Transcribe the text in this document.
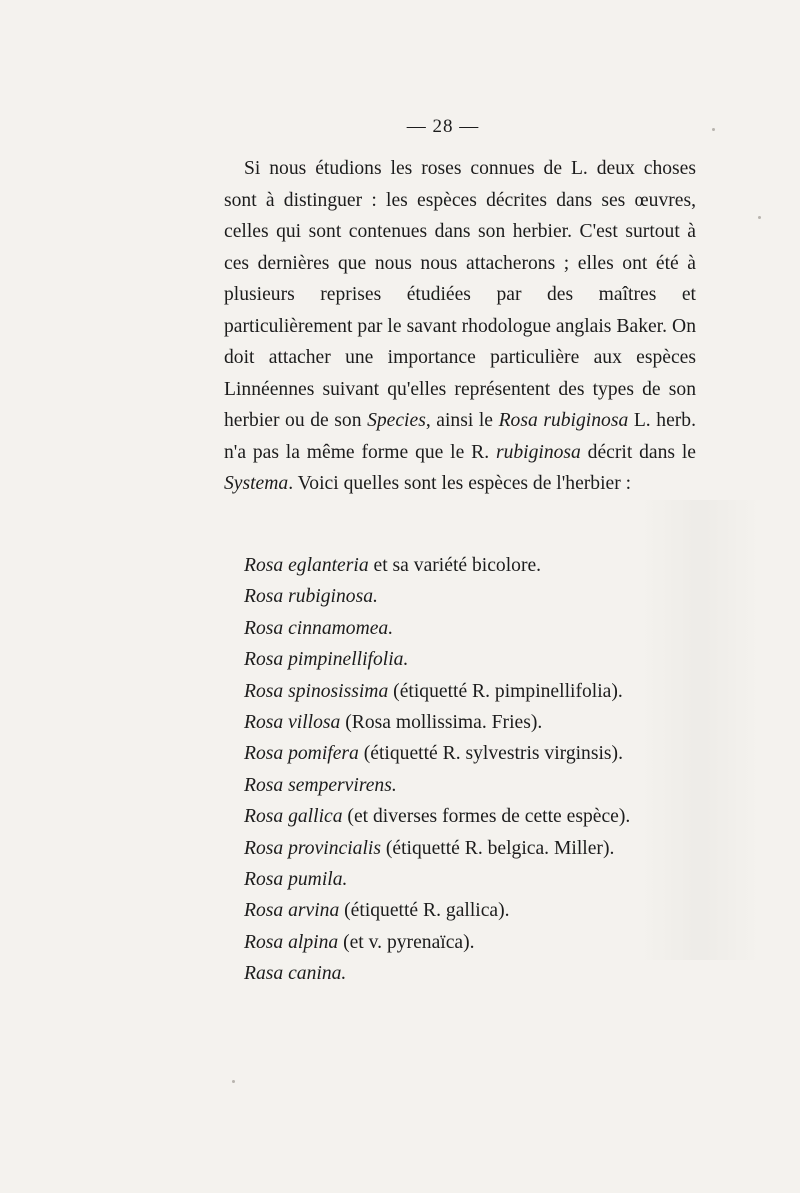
— 28 —

Si nous étudions les roses connues de L. deux choses sont à distinguer : les espèces décrites dans ses œuvres, celles qui sont contenues dans son herbier. C'est surtout à ces dernières que nous nous attacherons ; elles ont été à plusieurs reprises étudiées par des maîtres et particulièrement par le savant rhodologue anglais Baker. On doit attacher une importance particulière aux espèces Linnéennes suivant qu'elles représentent des types de son herbier ou de son Species, ainsi le Rosa rubiginosa L. herb. n'a pas la même forme que le R. rubiginosa décrit dans le Systema. Voici quelles sont les espèces de l'herbier :

Rosa eglanteria et sa variété bicolore.
Rosa rubiginosa.
Rosa cinnamomea.
Rosa pimpinellifolia.
Rosa spinosissima (étiquetté R. pimpinellifolia).
Rosa villosa (Rosa mollissima. Fries).
Rosa pomifera (étiquetté R. sylvestris virginsis).
Rosa sempervirens.
Rosa gallica (et diverses formes de cette espèce).
Rosa provincialis (étiquetté R. belgica. Miller).
Rosa pumila.
Rosa arvina (étiquetté R. gallica).
Rosa alpina (et v. pyrenaïca).
Rasa canina.
